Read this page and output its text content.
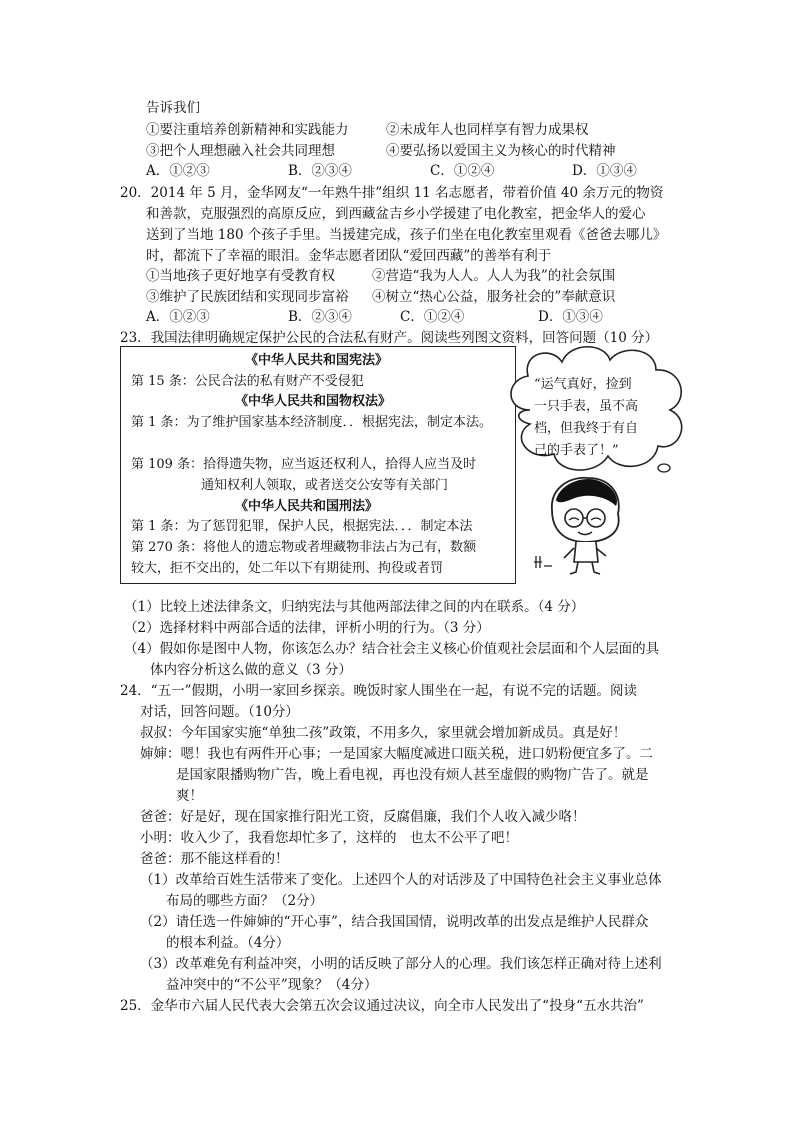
告诉我们
①要注重培养创新精神和实践能力	②未成年人也同样享有智力成果权
③把个人理想融入社会共同理想	④要弘扬以爱国主义为核心的时代精神
A．①②③	B．②③④	C．①②④	D．①③④
20．2014 年 5 月，金华网友“一年熟牛排”组织 11 名志愿者，带着价值 40 余万元的物资
和善款，克服强烈的高原反应，到西藏盆吉乡小学援建了电化教室，把金华人的爱心
送到了当地 180 个孩子手里。当援建完成，孩子们坐在电化教室里观看《爸爸去哪儿》
时，都流下了幸福的眼泪。金华志愿者团队“爱回西藏”的善举有利于
①当地孩子更好地享有受教育权	②营造“我为人人。人人为我”的社会氛围
③维护了民族团结和实现同步富裕 ④树立“热心公益，服务社会的”奉献意识
A．①②③	B．②③④	C．①②④	D．①③④
23．我国法律明确规定保护公民的合法私有财产。阅读些列图文资料，回答问题（10 分）
《中华人民共和国宪法》
第 15 条：公民合法的私有财产不受侵犯
《中华人民共和国物权法》
第 1 条：为了维护国家基本经济制度．．根据宪法，制定本法。
第 109 条：拾得遗失物，应当返还权利人，拾得人应当及时
通知权利人领取，或者送交公安等有关部门
《中华人民共和国刑法》
第 1 条：为了惩罚犯罪，保护人民，根据宪法．．．制定本法
第 270 条：将他人的遗忘物或者埋藏物非法占为己有，数额
较大，拒不交出的，处二年以下有期徒刑、拘役或者罚
“运气真好，捡到
一只手表，虽不高
档，但我终于有自
己的手表了！”
（1）比较上述法律条文，归纳宪法与其他两部法律之间的内在联系。（4 分）
（2）选择材料中两部合适的法律，评析小明的行为。（3 分）
（4）假如你是图中人物，你该怎么办？结合社会主义核心价值观社会层面和个人层面的具
体内容分析这么做的意义（3 分）
24．“五一”假期，小明一家回乡探亲。晚饭时家人围坐在一起，有说不完的话题。阅读
对话，回答问题。（10分）
叔叔：今年国家实施“单独二孩”政策，不用多久，家里就会增加新成员。真是好！
婶婶：嗯！我也有两件开心事；一是国家大幅度减进口瓯关税，进口奶粉便宜多了。二
是国家限播购物广告，晚上看电视，再也没有烦人甚至虚假的购物广告了。就是
爽！
爸爸：好是好，现在国家推行阳光工资，反腐倡廉，我们个人收入减少咯！
小明：收入少了，我看您却忙多了，这样的　也太不公平了吧！
爸爸：那不能这样看的！
（1）改革给百姓生活带来了变化。上述四个人的对话涉及了中国特色社会主义事业总体
布局的哪些方面？（2分）
（2）请任选一件婶婶的“开心事”，结合我国国情，说明改革的出发点是维护人民群众
的根本利益。（4分）
（3）改革难免有利益冲突，小明的话反映了部分人的心理。我们该怎样正确对待上述利
益冲突中的“不公平”现象？（4分）
25．金华市六届人民代表大会第五次会议通过决议，向全市人民发出了“投身“五水共治”
